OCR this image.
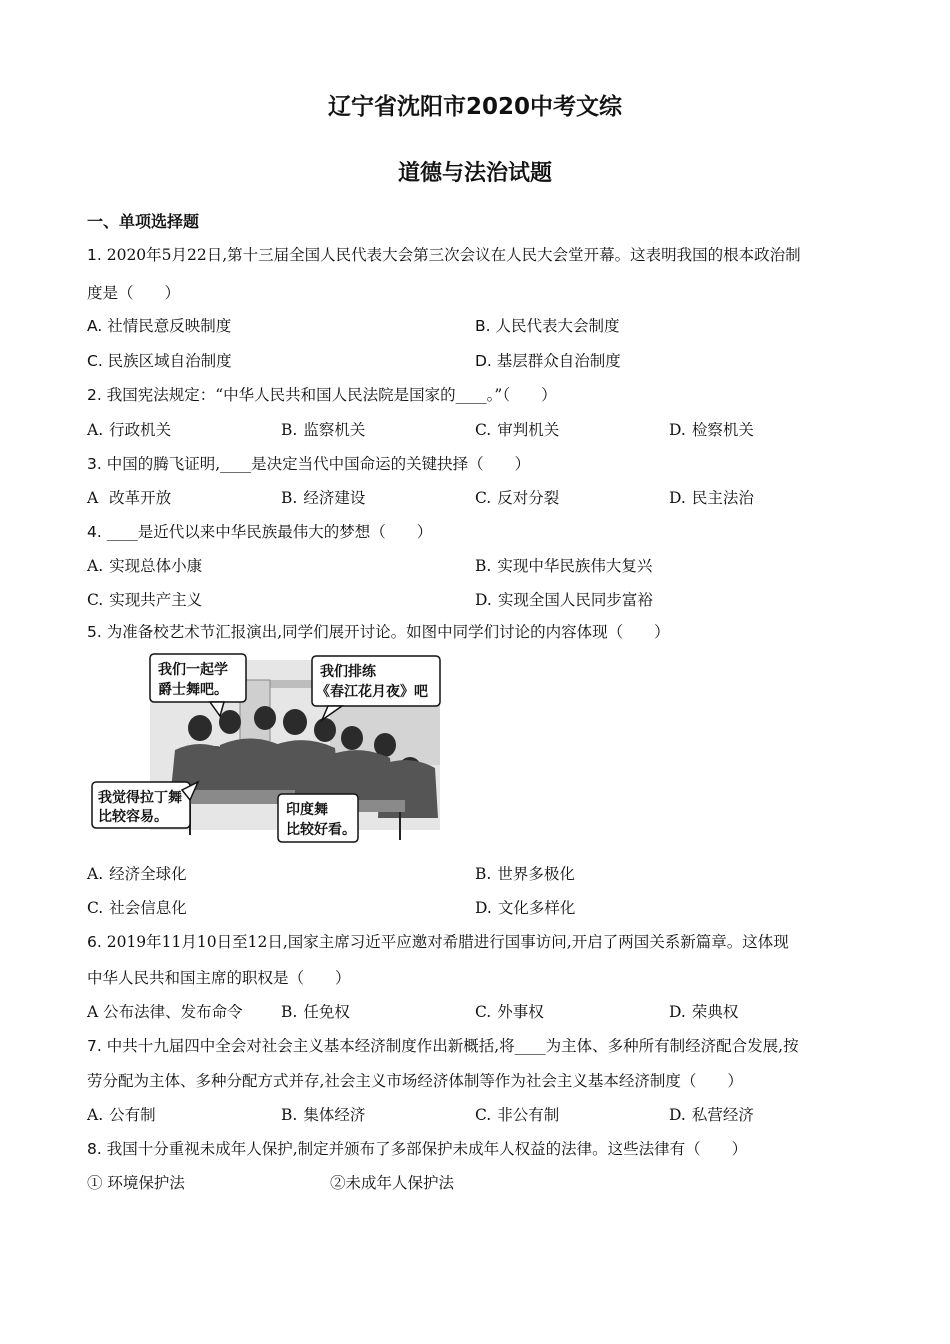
辽宁省沈阳市2020中考文综
道德与法治试题
一、单项选择题
1. 2020年5月22日,第十三届全国人民代表大会第三次会议在人民大会堂开幕。这表明我国的根本政治制
度是（　　）
A. 社情民意反映制度	B. 人民代表大会制度
C. 民族区域自治制度	D. 基层群众自治制度
2. 我国宪法规定：“中华人民共和国人民法院是国家的____。”（　　）
A. 行政机关	B. 监察机关	C. 审判机关	D. 检察机关
3. 中国的腾飞证明,____是决定当代中国命运的关键抉择（　　）
A 改革开放	B. 经济建设	C. 反对分裂	D. 民主法治
4. ____是近代以来中华民族最伟大的梦想（　　）
A. 实现总体小康	B. 实现中华民族伟大复兴
C. 实现共产主义	D. 实现全国人民同步富裕
5. 为准备校艺术节汇报演出,同学们展开讨论。如图中同学们讨论的内容体现（　　）
我们一起学
爵士舞吧。
我们排练
《春江花月夜》吧
我觉得拉丁舞
比较容易。	印度舞
比较好看。
A. 经济全球化	B. 世界多极化
C. 社会信息化	D. 文化多样化
6. 2019年11月10日至12日,国家主席习近平应邀对希腊进行国事访问,开启了两国关系新篇章。这体现
中华人民共和国主席的职权是（　　）
A 公布法律、发布命令 B. 任免权	C. 外事权	D. 荣典权
7. 中共十九届四中全会对社会主义基本经济制度作出新概括,将____为主体、多种所有制经济配合发展,按
劳分配为主体、多种分配方式并存,社会主义市场经济体制等作为社会主义基本经济制度（　　）
A. 公有制	B. 集体经济	C. 非公有制	D. 私营经济
8. 我国十分重视未成年人保护,制定并颁布了多部保护未成年人权益的法律。这些法律有（　　）
① 环境保护法	②未成年人保护法
